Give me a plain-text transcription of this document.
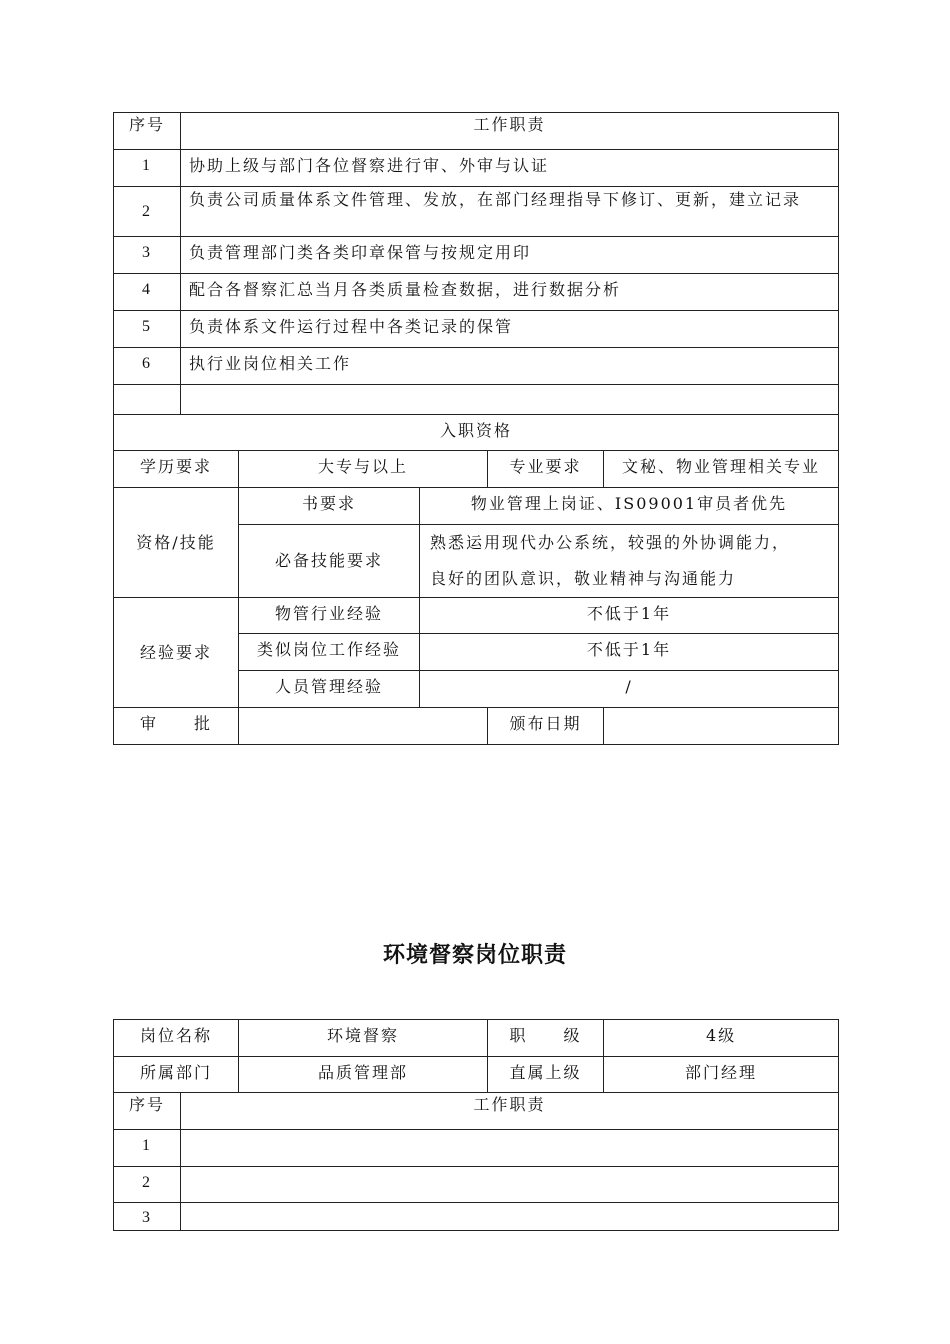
序号	工作职责				
1	协助上级与部门各位督察进行审、外审与认证				
2	负责公司质量体系文件管理、发放，在部门经理指导下修订、更新，建立记录				
3	负责管理部门类各类印章保管与按规定用印				
4	配合各督察汇总当月各类质量检查数据，进行数据分析				
5	负责体系文件运行过程中各类记录的保管				
6	执行业岗位相关工作				

入职资格					
学历要求		大专与以上		专业要求	文秘、物业管理相关专业
资格/技能		书要求	物业管理上岗证、IS09001审员者优先		
		必备技能要求	熟悉运用现代办公系统，较强的外协调能力，
良好的团队意识，敬业精神与沟通能力		

经验要求		物管行业经验	不低于1年		
		类似岗位工作经验	不低于1年		
		人员管理经验	/		
审　　批				颁布日期	
环境督察岗位职责
岗位名称		环境督察	职　　级	4级
所属部门		品质管理部	直属上级	部门经理
序号	工作职责			
1				
2				
3				
